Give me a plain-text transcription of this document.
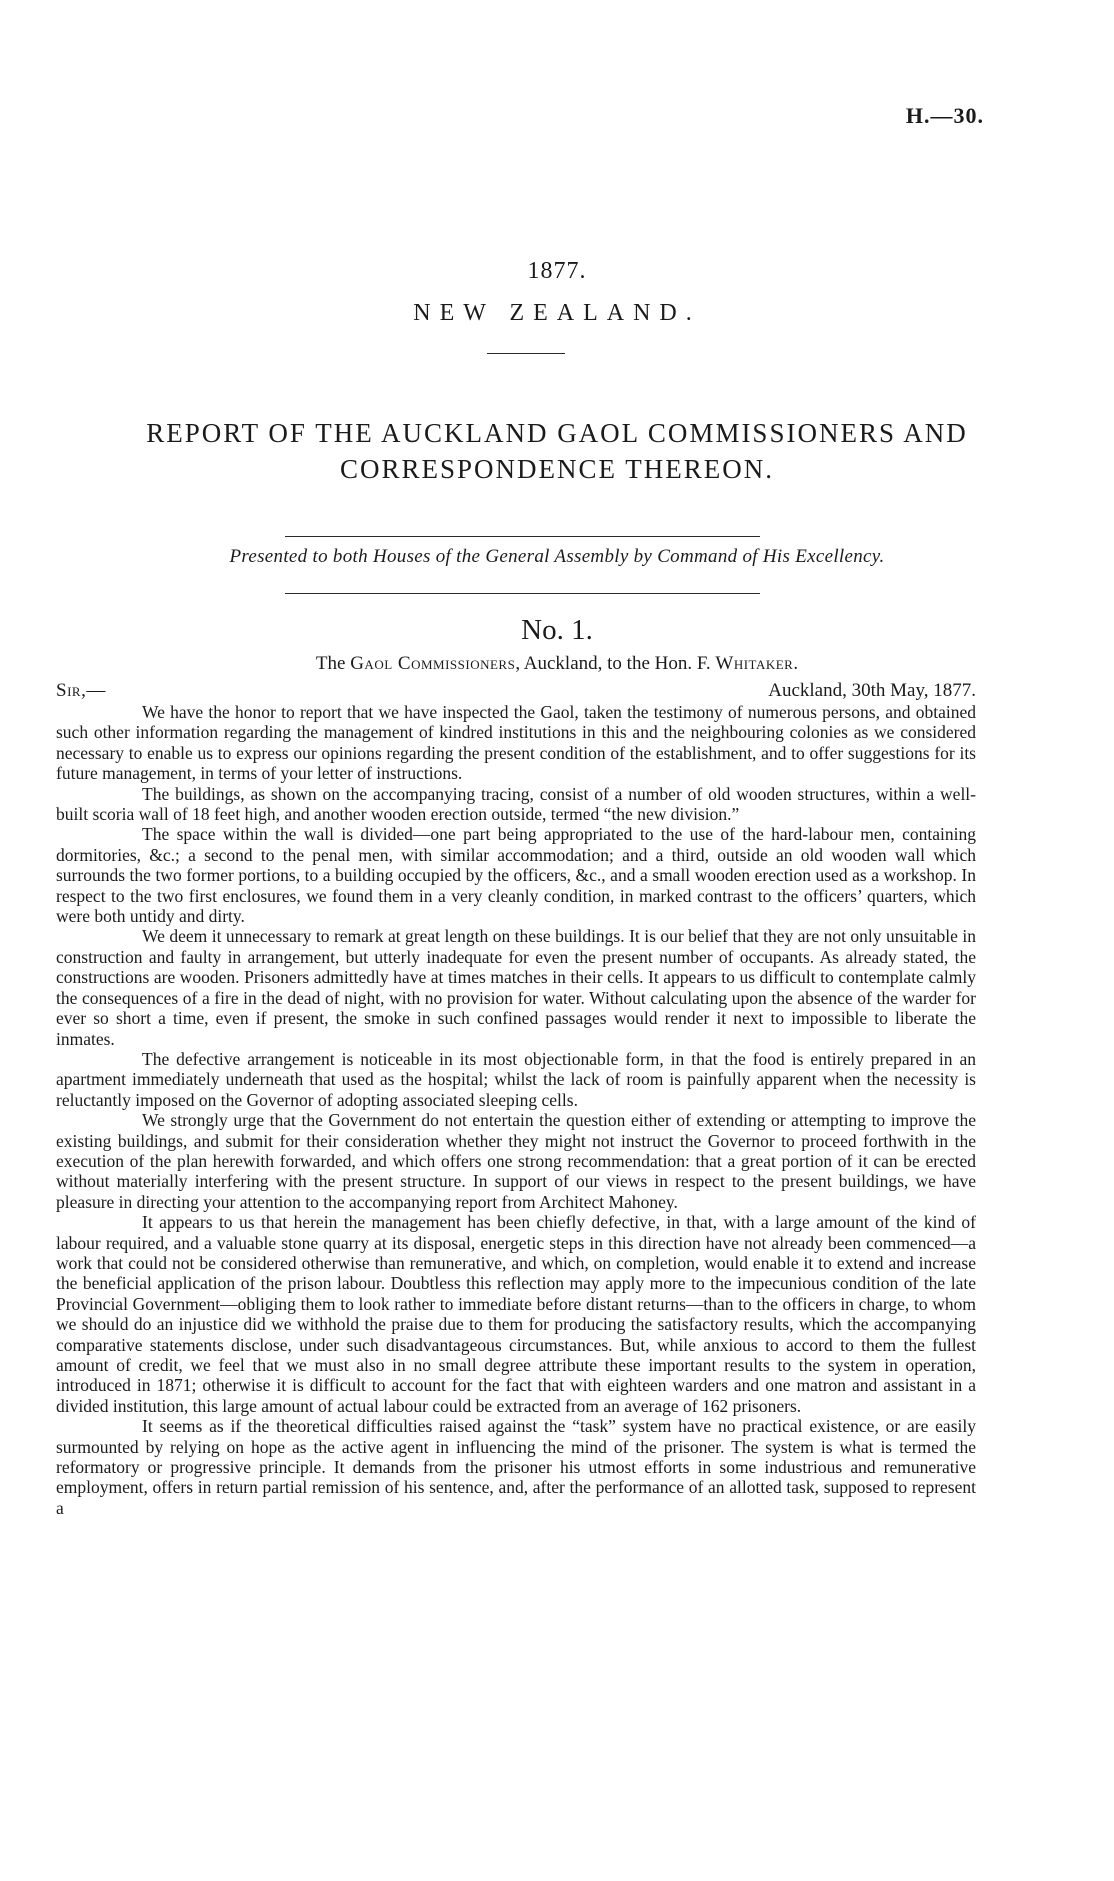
H.—30.
1877.
NEW ZEALAND.
REPORT OF THE AUCKLAND GAOL COMMISSIONERS AND
CORRESPONDENCE THEREON.
Presented to both Houses of the General Assembly by Command of His Excellency.
No. 1.
The Gaol Commissioners, Auckland, to the Hon. F. Whitaker.
Sir,—	Auckland, 30th May, 1877.

We have the honor to report that we have inspected the Gaol, taken the testimony of numerous persons, and obtained such other information regarding the management of kindred institutions in this and the neighbouring colonies as we considered necessary to enable us to express our opinions regarding the present condition of the establishment, and to offer suggestions for its future management, in terms of your letter of instructions.

The buildings, as shown on the accompanying tracing, consist of a number of old wooden structures, within a well-built scoria wall of 18 feet high, and another wooden erection outside, termed “the new division.”

The space within the wall is divided—one part being appropriated to the use of the hard-labour men, containing dormitories, &c.; a second to the penal men, with similar accommodation; and a third, outside an old wooden wall which surrounds the two former portions, to a building occupied by the officers, &c., and a small wooden erection used as a workshop. In respect to the two first enclosures, we found them in a very cleanly condition, in marked contrast to the officers’ quarters, which were both untidy and dirty.

We deem it unnecessary to remark at great length on these buildings. It is our belief that they are not only unsuitable in construction and faulty in arrangement, but utterly inadequate for even the present number of occupants. As already stated, the constructions are wooden. Prisoners admittedly have at times matches in their cells. It appears to us difficult to contemplate calmly the consequences of a fire in the dead of night, with no provision for water. Without calculating upon the absence of the warder for ever so short a time, even if present, the smoke in such confined passages would render it next to impossible to liberate the inmates.

The defective arrangement is noticeable in its most objectionable form, in that the food is entirely prepared in an apartment immediately underneath that used as the hospital; whilst the lack of room is painfully apparent when the necessity is reluctantly imposed on the Governor of adopting associated sleeping cells.

We strongly urge that the Government do not entertain the question either of extending or attempting to improve the existing buildings, and submit for their consideration whether they might not instruct the Governor to proceed forthwith in the execution of the plan herewith forwarded, and which offers one strong recommendation: that a great portion of it can be erected without materially interfering with the present structure. In support of our views in respect to the present buildings, we have pleasure in directing your attention to the accompanying report from Architect Mahoney.

It appears to us that herein the management has been chiefly defective, in that, with a large amount of the kind of labour required, and a valuable stone quarry at its disposal, energetic steps in this direction have not already been commenced—a work that could not be considered otherwise than remunerative, and which, on completion, would enable it to extend and increase the beneficial application of the prison labour. Doubtless this reflection may apply more to the impecunious condition of the late Provincial Government—obliging them to look rather to immediate before distant returns—than to the officers in charge, to whom we should do an injustice did we withhold the praise due to them for producing the satisfactory results, which the accompanying comparative statements disclose, under such disadvantageous circumstances. But, while anxious to accord to them the fullest amount of credit, we feel that we must also in no small degree attribute these important results to the system in operation, introduced in 1871; otherwise it is difficult to account for the fact that with eighteen warders and one matron and assistant in a divided institution, this large amount of actual labour could be extracted from an average of 162 prisoners.

It seems as if the theoretical difficulties raised against the “task” system have no practical existence, or are easily surmounted by relying on hope as the active agent in influencing the mind of the prisoner. The system is what is termed the reformatory or progressive principle. It demands from the prisoner his utmost efforts in some industrious and remunerative employment, offers in return partial remission of his sentence, and, after the performance of an allotted task, supposed to represent a
